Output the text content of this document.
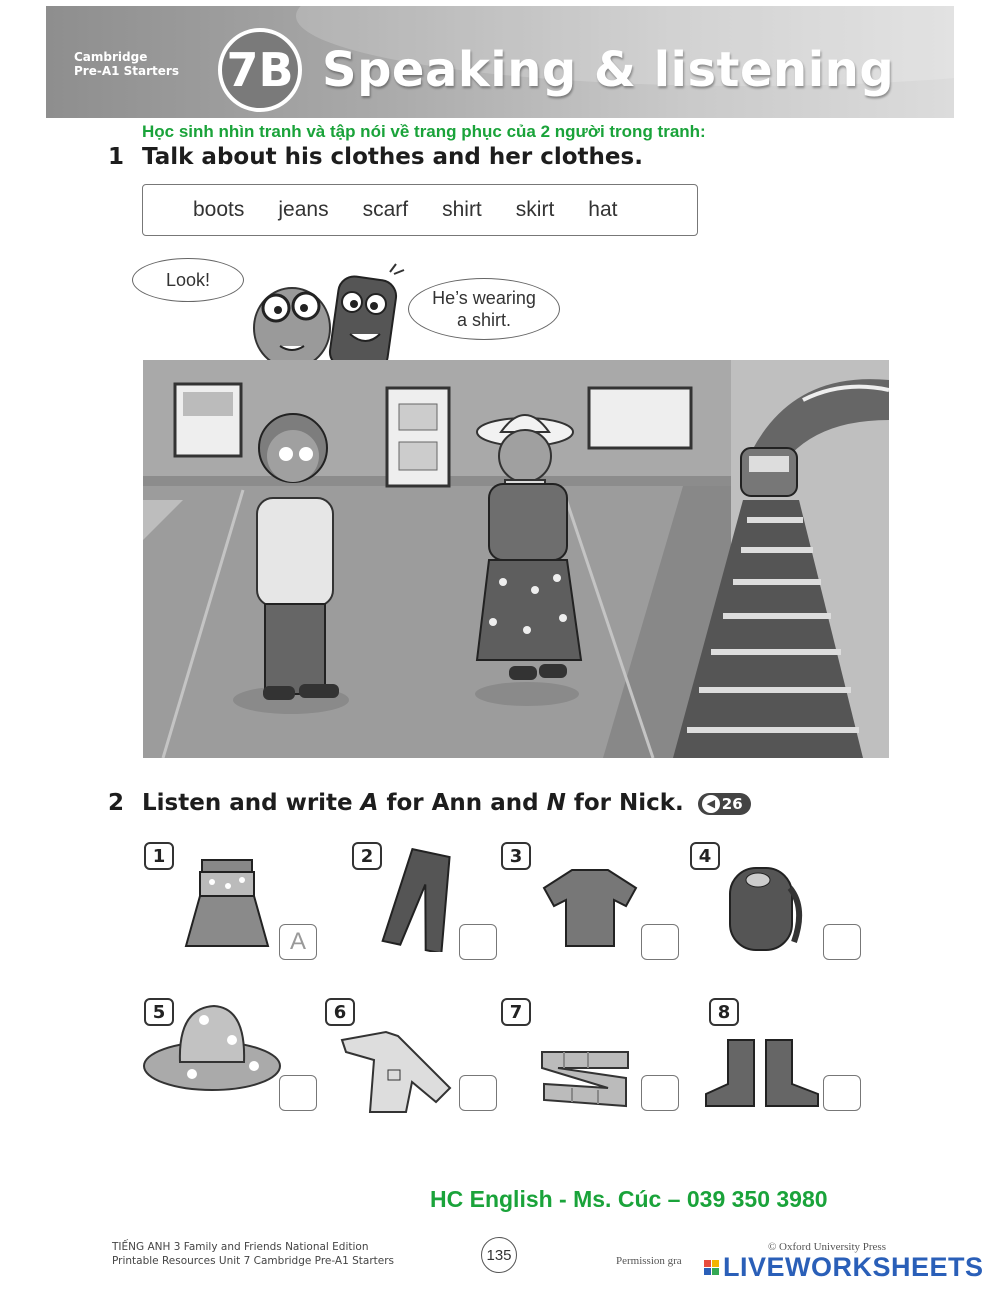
Cambridge
Pre-A1 Starters 7B Speaking & listening
Học sinh nhìn tranh và tập nói về trang phục của 2 người trong tranh:
1 Talk about his clothes and her clothes.
boots jeans scarf shirt skirt hat
Look!
He’s wearing a shirt.
2 Listen and write A for Ann and N for Nick.	◀ 26
1
A
2	3	4
5	6	7	8
HC English - Ms. Cúc – 039 350 3980
TIẾNG ANH 3 Family and Friends National Edition
Printable Resources Unit 7 Cambridge Pre-A1 Starters	135	© Oxford University Press
Permission gra	LIVEWORKSHEETS
